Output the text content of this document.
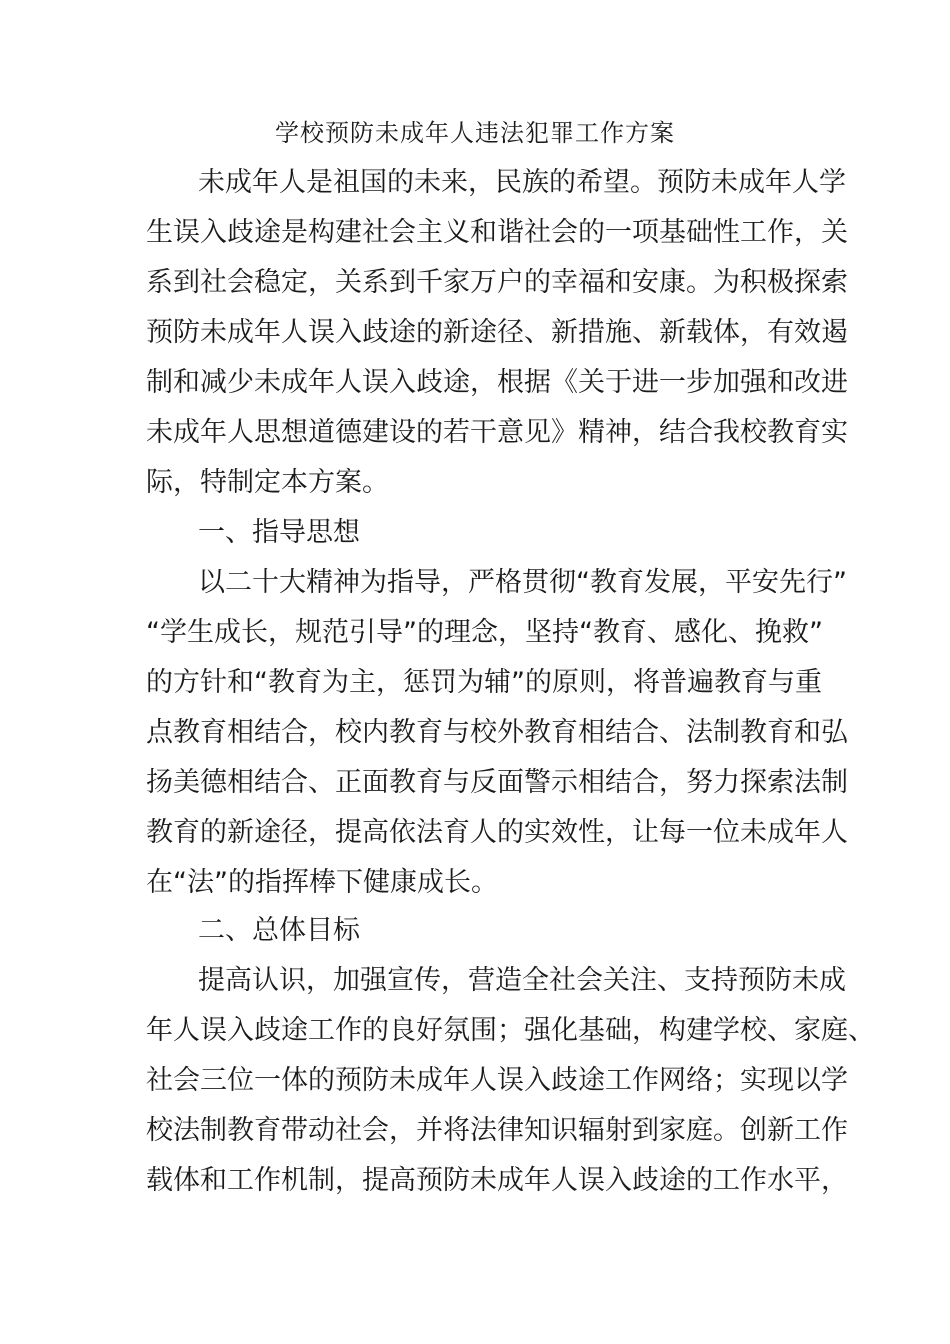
学校预防未成年人违法犯罪工作方案
未成年人是祖国的未来，民族的希望。预防未成年人学
生误入歧途是构建社会主义和谐社会的一项基础性工作，关
系到社会稳定，关系到千家万户的幸福和安康。为积极探索
预防未成年人误入歧途的新途径、新措施、新载体，有效遏
制和减少未成年人误入歧途，根据《关于进一步加强和改进
未成年人思想道德建设的若干意见》精神，结合我校教育实
际，特制定本方案。
一、指导思想
以二十大精神为指导，严格贯彻“教育发展，平安先行”
“学生成长，规范引导”的理念，坚持“教育、感化、挽救”
的方针和“教育为主，惩罚为辅”的原则，将普遍教育与重
点教育相结合，校内教育与校外教育相结合、法制教育和弘
扬美德相结合、正面教育与反面警示相结合，努力探索法制
教育的新途径，提高依法育人的实效性，让每一位未成年人
在“法”的指挥棒下健康成长。
二、总体目标
提高认识，加强宣传，营造全社会关注、支持预防未成
年人误入歧途工作的良好氛围；强化基础，构建学校、家庭、
社会三位一体的预防未成年人误入歧途工作网络；实现以学
校法制教育带动社会，并将法律知识辐射到家庭。创新工作
载体和工作机制，提高预防未成年人误入歧途的工作水平，
